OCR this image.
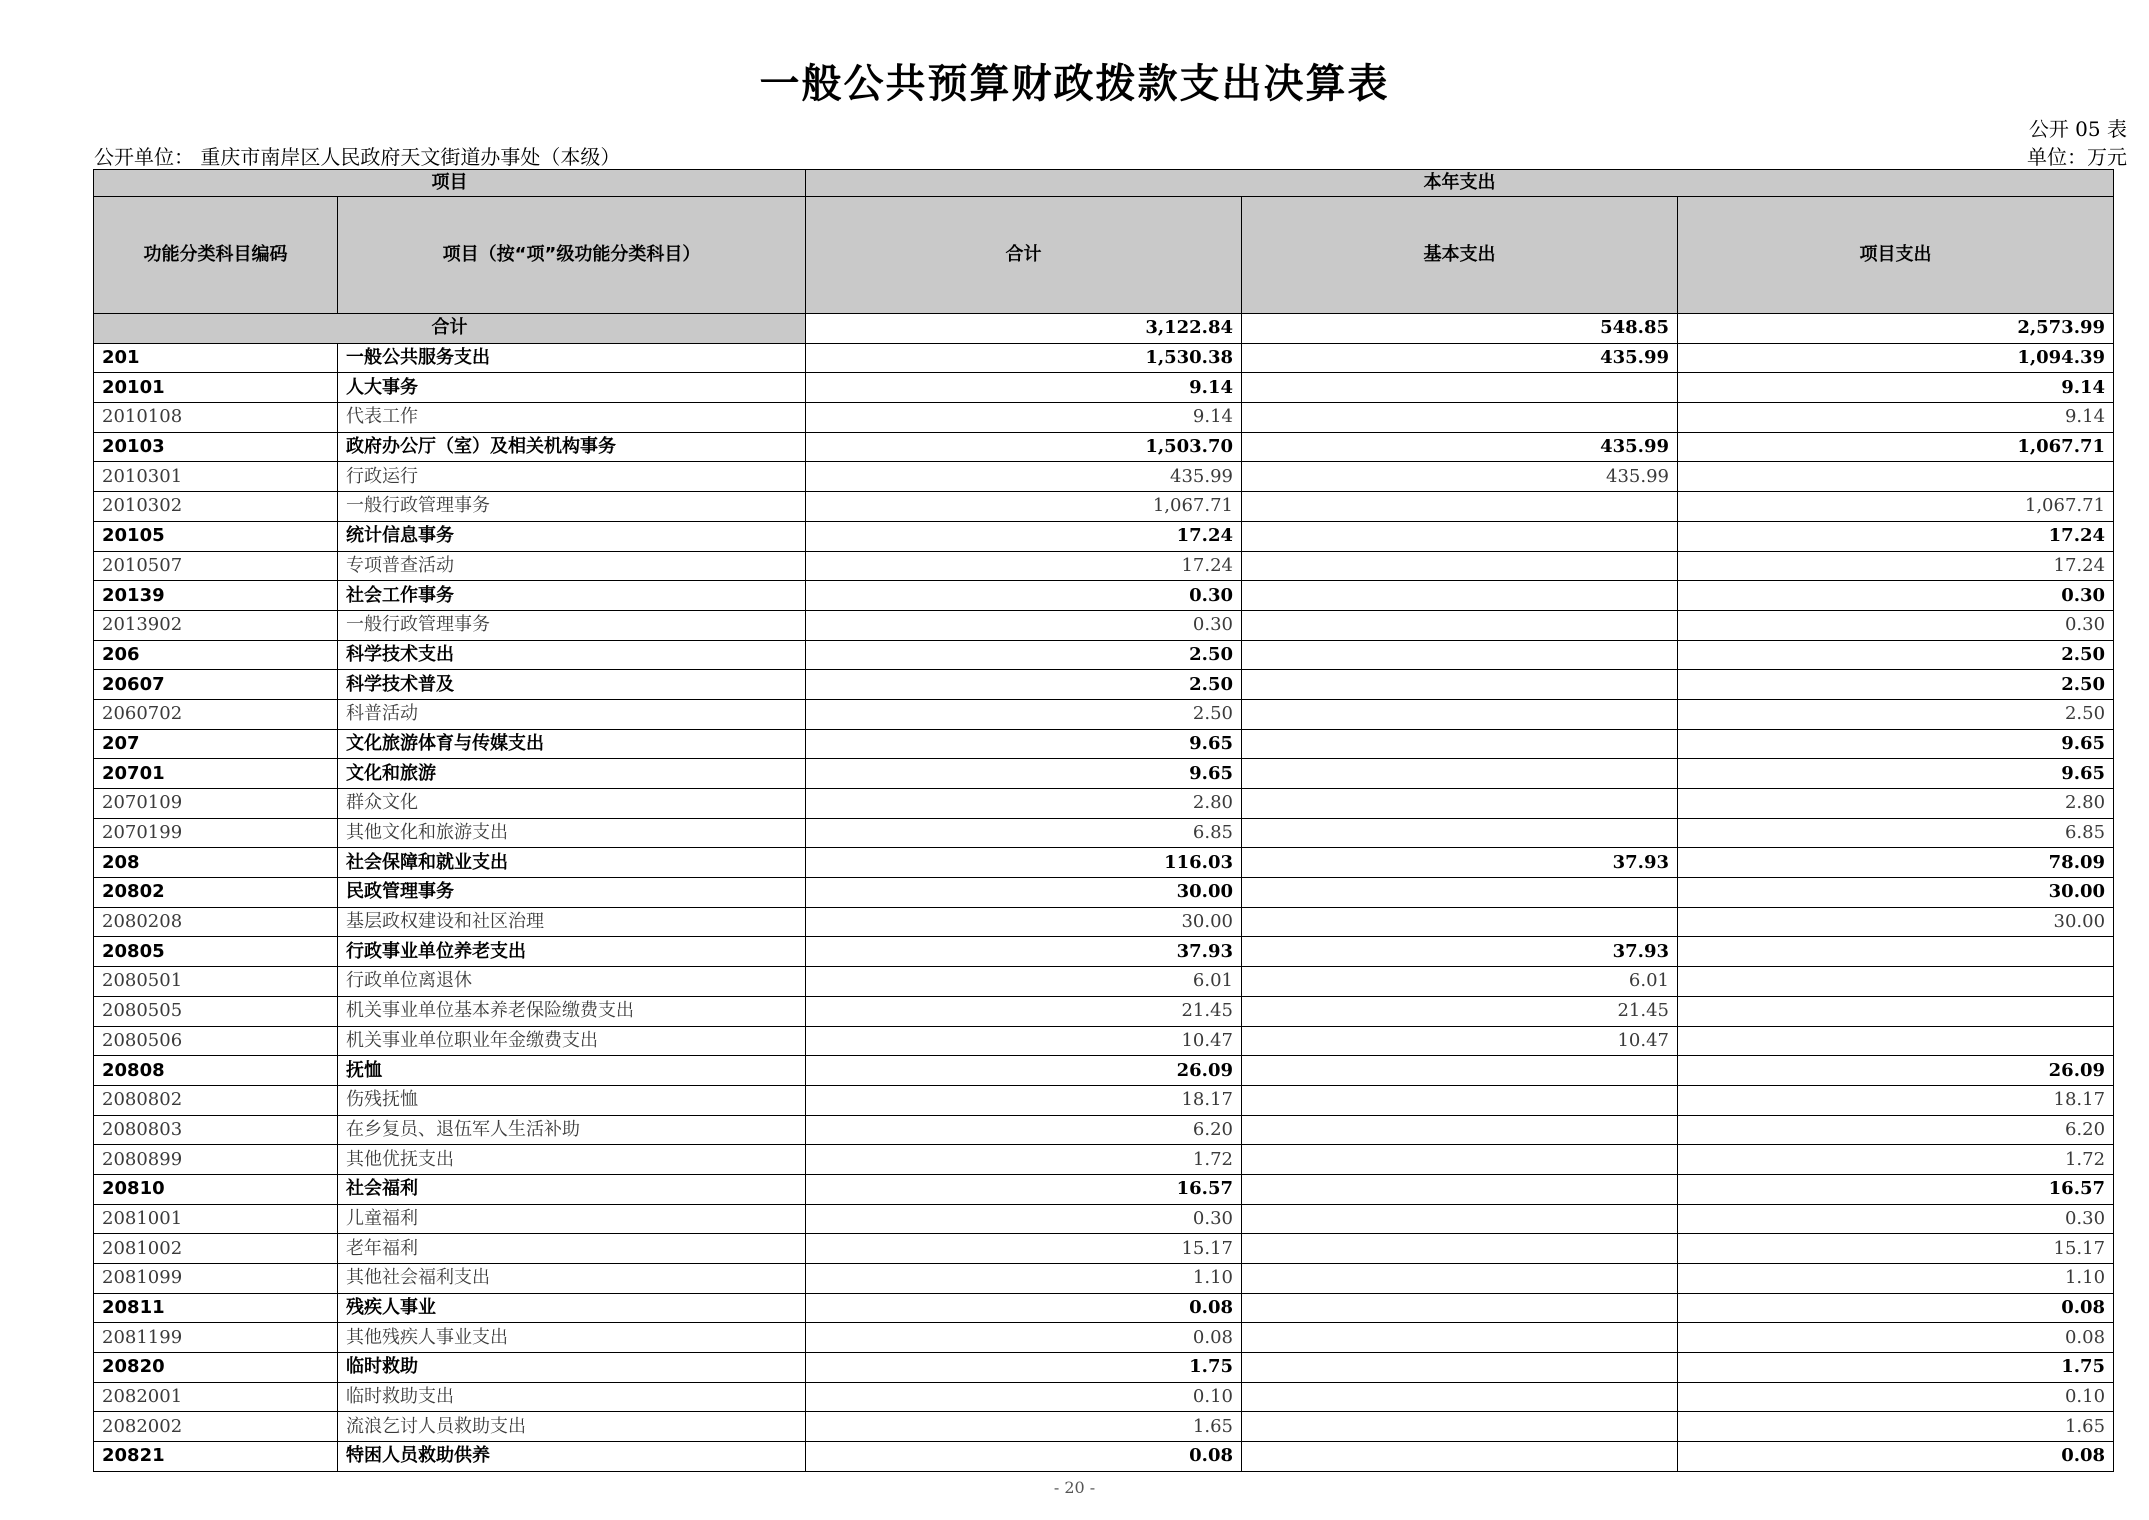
一般公共预算财政拨款支出决算表
公开 05 表
公开单位： 重庆市南岸区人民政府天文街道办事处（本级）	单位：万元
项目		本年支出		
功能分类科目编码	项目（按“项”级功能分类科目）	合计	基本支出	项目支出
合计		3,122.84	548.85	2,573.99
201	一般公共服务支出	1,530.38	435.99	1,094.39
20101	人大事务	9.14		9.14
2010108	代表工作	9.14		9.14
20103	政府办公厅（室）及相关机构事务	1,503.70	435.99	1,067.71
2010301	行政运行	435.99	435.99	
2010302	一般行政管理事务	1,067.71		1,067.71
20105	统计信息事务	17.24		17.24
2010507	专项普查活动	17.24		17.24
20139	社会工作事务	0.30		0.30
2013902	一般行政管理事务	0.30		0.30
206	科学技术支出	2.50		2.50
20607	科学技术普及	2.50		2.50
2060702	科普活动	2.50		2.50
207	文化旅游体育与传媒支出	9.65		9.65
20701	文化和旅游	9.65		9.65
2070109	群众文化	2.80		2.80
2070199	其他文化和旅游支出	6.85		6.85
208	社会保障和就业支出	116.03	37.93	78.09
20802	民政管理事务	30.00		30.00
2080208	基层政权建设和社区治理	30.00		30.00
20805	行政事业单位养老支出	37.93	37.93	
2080501	行政单位离退休	6.01	6.01	
2080505	机关事业单位基本养老保险缴费支出	21.45	21.45	
2080506	机关事业单位职业年金缴费支出	10.47	10.47	
20808	抚恤	26.09		26.09
2080802	伤残抚恤	18.17		18.17
2080803	在乡复员、退伍军人生活补助	6.20		6.20
2080899	其他优抚支出	1.72		1.72
20810	社会福利	16.57		16.57
2081001	儿童福利	0.30		0.30
2081002	老年福利	15.17		15.17
2081099	其他社会福利支出	1.10		1.10
20811	残疾人事业	0.08		0.08
2081199	其他残疾人事业支出	0.08		0.08
20820	临时救助	1.75		1.75
2082001	临时救助支出	0.10		0.10
2082002	流浪乞讨人员救助支出	1.65		1.65
20821	特困人员救助供养	0.08		0.08
- 20 -
